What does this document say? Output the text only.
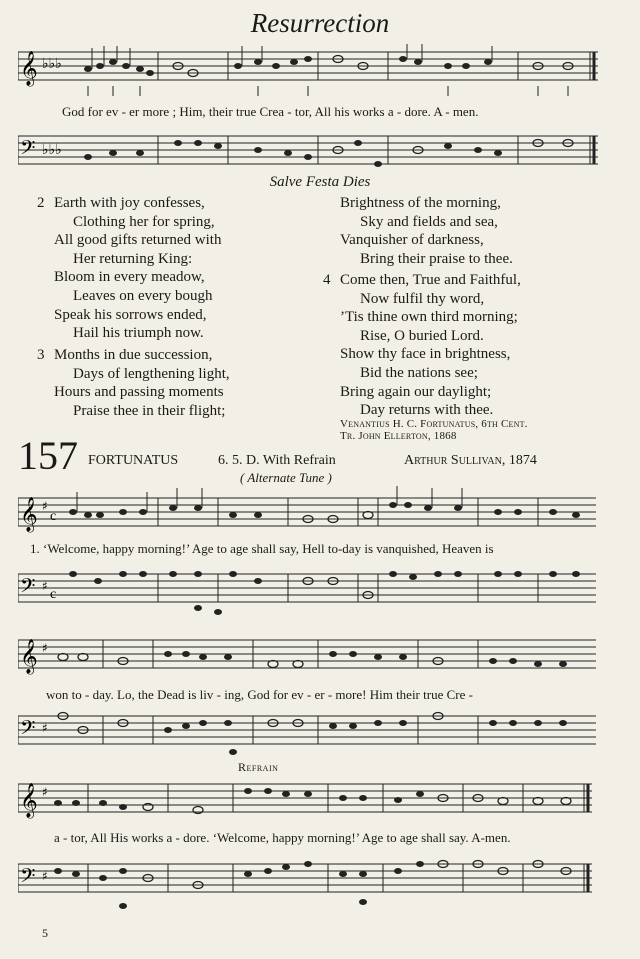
Resurrection
𝄞 ♭♭♭
God for ev - er more ; Him, their true Crea - tor, All his works a - dore. A - men.
𝄢 ♭♭♭
Salve Festa Dies
2 Earth with joy confesses,
Clothing her for spring,
All good gifts returned with
Her returning King:
Bloom in every meadow,
Leaves on every bough
Speak his sorrows ended,
Hail his triumph now.
3 Months in due succession,
Days of lengthening light,
Hours and passing moments
Praise thee in their flight;
Brightness of the morning,
Sky and fields and sea,
Vanquisher of darkness,
Bring their praise to thee.
4 Come then, True and Faithful,
Now fulfil thy word,
’Tis thine own third morning;
Rise, O buried Lord.
Show thy face in brightness,
Bid the nations see;
Bring again our daylight;
Day returns with thee.
Venantius H. C. Fortunatus, 6th Cent.
Tr. John Ellerton, 1868
157 FORTUNATUS	6. 5. D. With Refrain	Arthur Sullivan, 1874
( Alternate Tune )
𝄞 ♯
c
1. ‘Welcome, happy morning!’ Age to age shall say, Hell to-day is vanquished, Heaven is
𝄢 ♯
c
𝄞 ♯
won to - day. Lo, the Dead is liv - ing, God for ev - er - more! Him their true Cre -
𝄢 ♯
Refrain
𝄞 ♯
a - tor, All His works a - dore. ‘Welcome, happy morning!’ Age to age shall say. A-men.
𝄢 ♯
5
